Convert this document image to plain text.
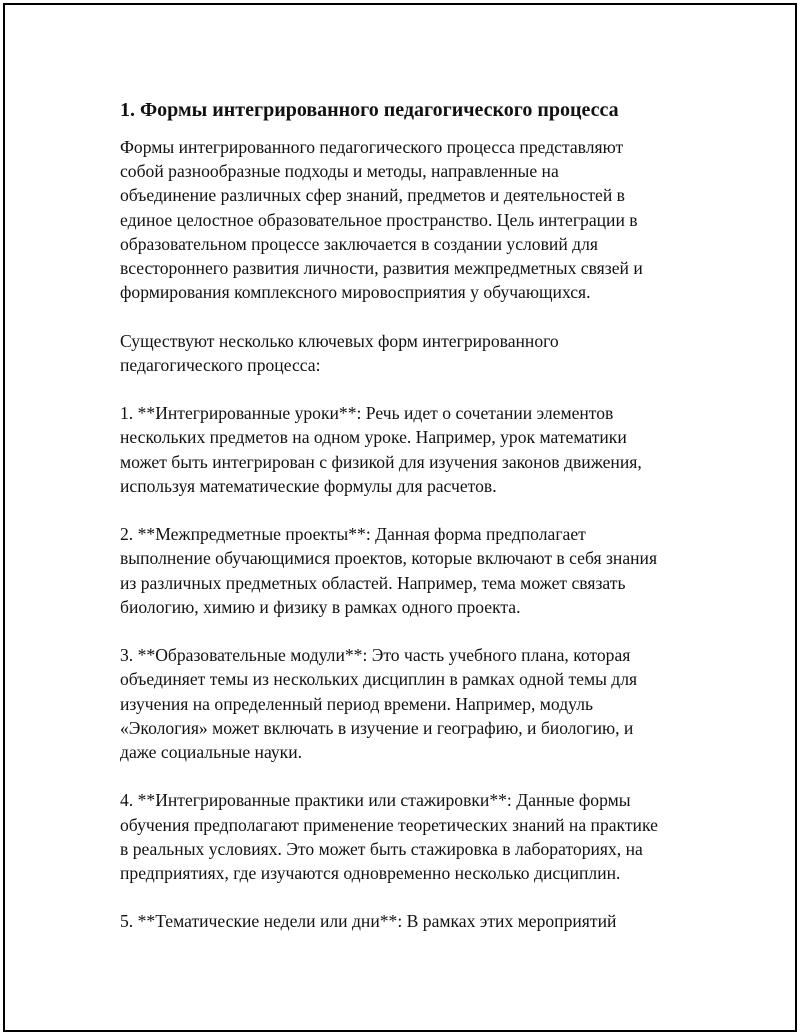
1. Формы интегрированного педагогического процесса

Формы интегрированного педагогического процесса представляют
собой разнообразные подходы и методы, направленные на
объединение различных сфер знаний, предметов и деятельностей в
единое целостное образовательное пространство. Цель интеграции в
образовательном процессе заключается в создании условий для
всестороннего развития личности, развития межпредметных связей и
формирования комплексного мировосприятия у обучающихся.

Существуют несколько ключевых форм интегрированного
педагогического процесса:

1. **Интегрированные уроки**: Речь идет о сочетании элементов
нескольких предметов на одном уроке. Например, урок математики
может быть интегрирован с физикой для изучения законов движения,
используя математические формулы для расчетов.

2. **Межпредметные проекты**: Данная форма предполагает
выполнение обучающимися проектов, которые включают в себя знания
из различных предметных областей. Например, тема может связать
биологию, химию и физику в рамках одного проекта.

3. **Образовательные модули**: Это часть учебного плана, которая
объединяет темы из нескольких дисциплин в рамках одной темы для
изучения на определенный период времени. Например, модуль
«Экология» может включать в изучение и географию, и биологию, и
даже социальные науки.

4. **Интегрированные практики или стажировки**: Данные формы
обучения предполагают применение теоретических знаний на практике
в реальных условиях. Это может быть стажировка в лабораториях, на
предприятиях, где изучаются одновременно несколько дисциплин.

5. **Тематические недели или дни**: В рамках этих мероприятий
